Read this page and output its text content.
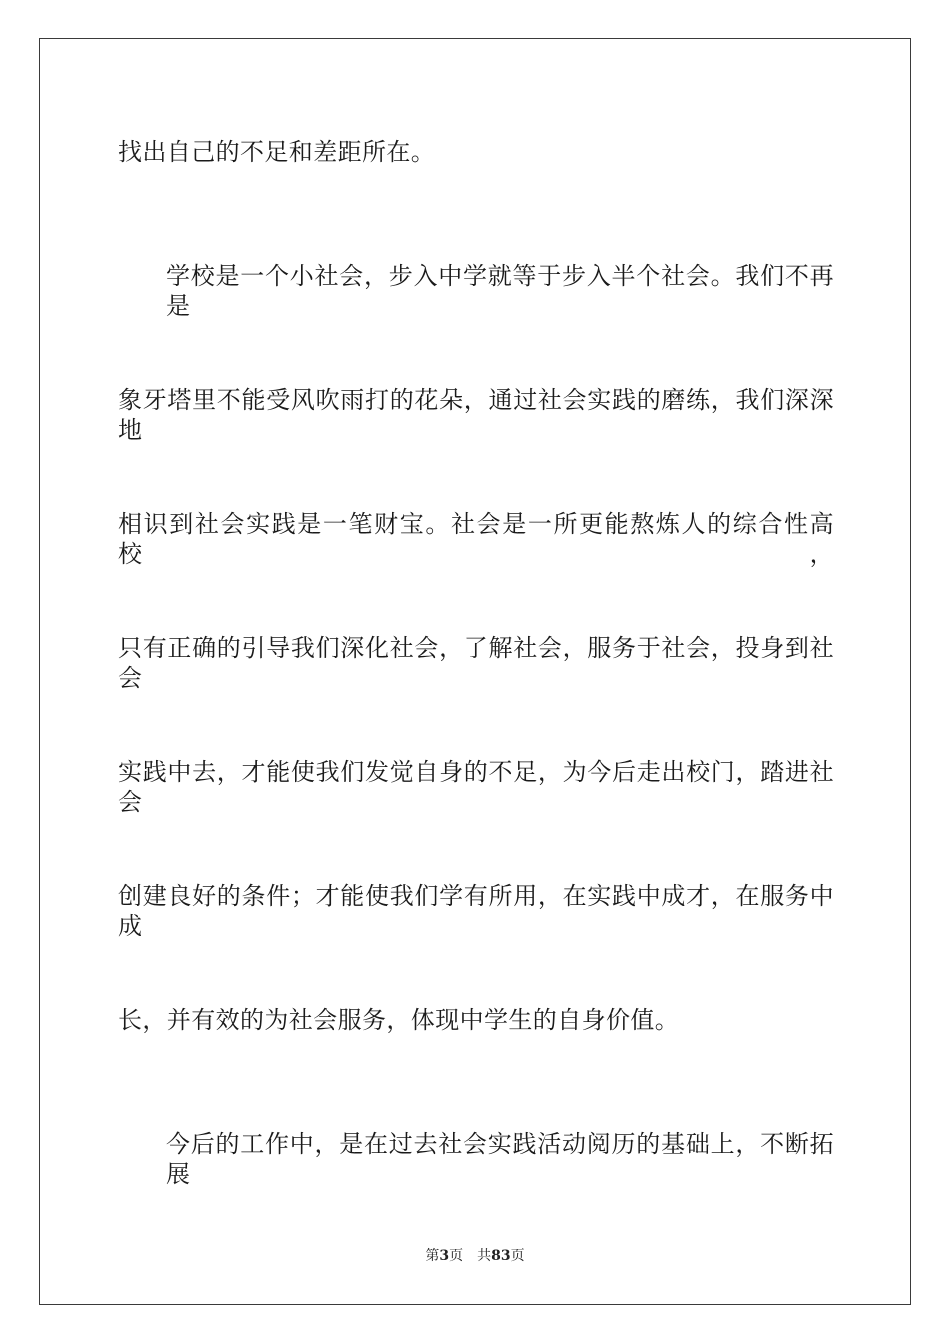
找出自己的不足和差距所在。
学校是一个小社会，步入中学就等于步入半个社会。我们不再是
象牙塔里不能受风吹雨打的花朵，通过社会实践的磨练，我们深深地
相识到社会实践是一笔财宝。社会是一所更能熬炼人的综合性高校，
只有正确的引导我们深化社会，了解社会，服务于社会，投身到社会
实践中去，才能使我们发觉自身的不足，为今后走出校门，踏进社会
创建良好的条件；才能使我们学有所用，在实践中成才，在服务中成
长，并有效的为社会服务，体现中学生的自身价值。
今后的工作中，是在过去社会实践活动阅历的基础上，不断拓展
第3页 共83页
